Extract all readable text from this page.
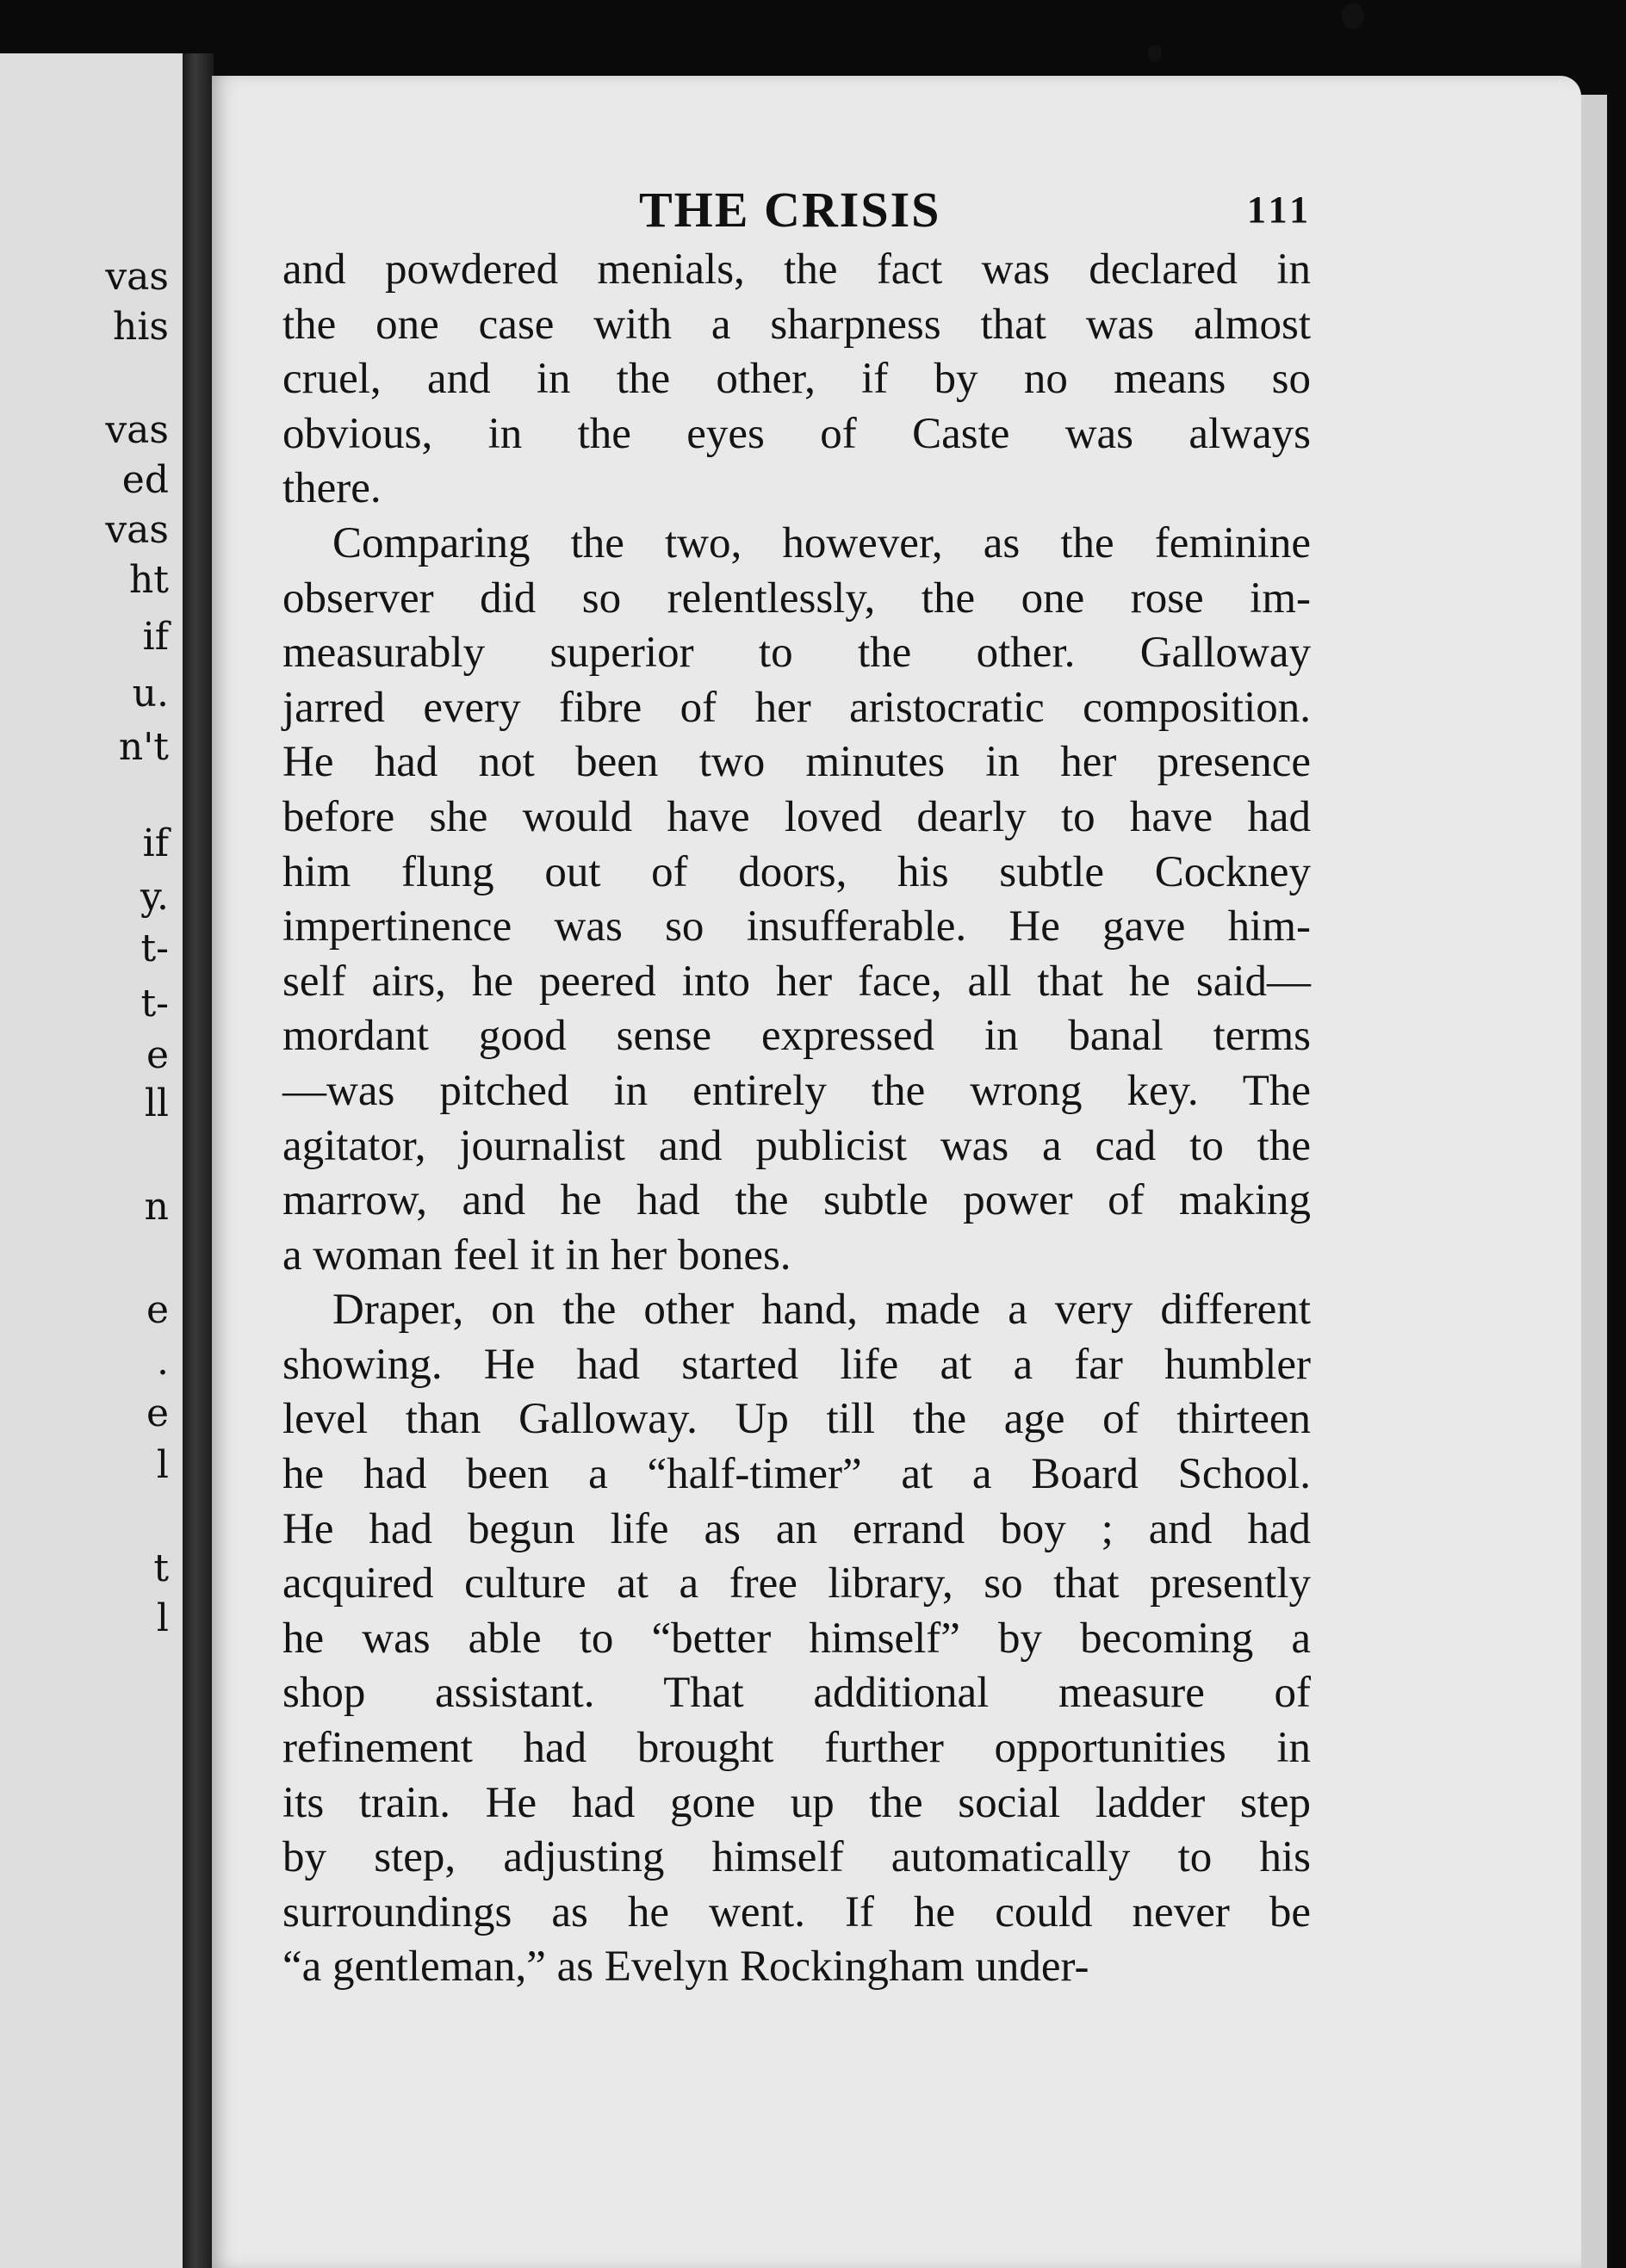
vas
his
vas
ed
vas
ht
if
u.
n't
if
y.
t-
t-
e
ll
n
e
.
e
l
t
l
THE CRISIS	111
and powdered menials, the fact was declared in
the one case with a sharpness that was almost
cruel, and in the other, if by no means so
obvious, in the eyes of Caste was always
there.
Comparing the two, however, as the feminine
observer did so relentlessly, the one rose im-
measurably superior to the other. Galloway
jarred every fibre of her aristocratic composition.
He had not been two minutes in her presence
before she would have loved dearly to have had
him flung out of doors, his subtle Cockney
impertinence was so insufferable. He gave him-
self airs, he peered into her face, all that he said—
mordant good sense expressed in banal terms
—was pitched in entirely the wrong key. The
agitator, journalist and publicist was a cad to the
marrow, and he had the subtle power of making
a woman feel it in her bones.
Draper, on the other hand, made a very different
showing. He had started life at a far humbler
level than Galloway. Up till the age of thirteen
he had been a “half-timer” at a Board School.
He had begun life as an errand boy ; and had
acquired culture at a free library, so that presently
he was able to “better himself” by becoming a
shop assistant. That additional measure of
refinement had brought further opportunities in
its train. He had gone up the social ladder step
by step, adjusting himself automatically to his
surroundings as he went. If he could never be
“a gentleman,” as Evelyn Rockingham under-
